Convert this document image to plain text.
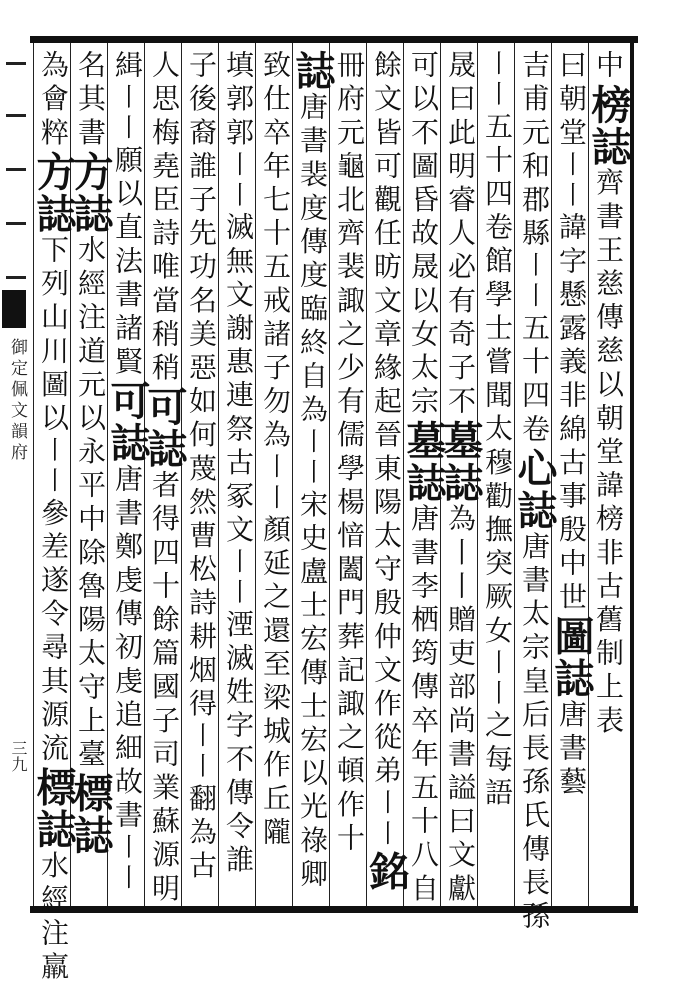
御定佩文韻府
三九
中榜誌齊書王慈傳慈以朝堂諱榜非古舊制上表
曰朝堂丨丨諱字懸露義非綿古事殷中世圖誌唐書藝
吉甫元和郡縣丨丨五十四卷心誌唐書太宗皇后長孫氏傳長孫
丨丨五十四卷館學士嘗聞太穆勸撫突厥女丨丨之每語
晟曰此明睿人必有奇子不墓誌為丨丨贈吏部尚書謚曰文獻
可以不圖昏故晟以女太宗墓誌唐書李栖筠傳卒年五十八自
餘文皆可觀任昉文章緣起晉東陽太守殷仲文作從弟丨丨銘
冊府元龜北齊裴諏之少有儒學楊愔闔門葬記諏之頓作十
誌唐書裴度傳度臨終自為丨丨宋史盧士宏傳士宏以光祿卿
致仕卒年七十五戒諸子勿為丨丨顏延之還至梁城作丘隴
填郭郭丨丨滅無文謝惠連祭古冢文丨丨湮滅姓字不傳令誰
子後裔誰子先功名美惡如何蔑然曹松詩耕烟得丨丨翻為古
人思梅堯臣詩唯當稍稍可誌者得四十餘篇國子司業蘇源明
緝丨丨願以直法書諸賢可誌唐書鄭虔傳初虔追細故書丨丨
名其書方誌水經注道元以永平中除魯陽太守上臺標誌
為會粹方誌下列山川圖以丨丨參差遂令尋其源流標誌水經注羸
